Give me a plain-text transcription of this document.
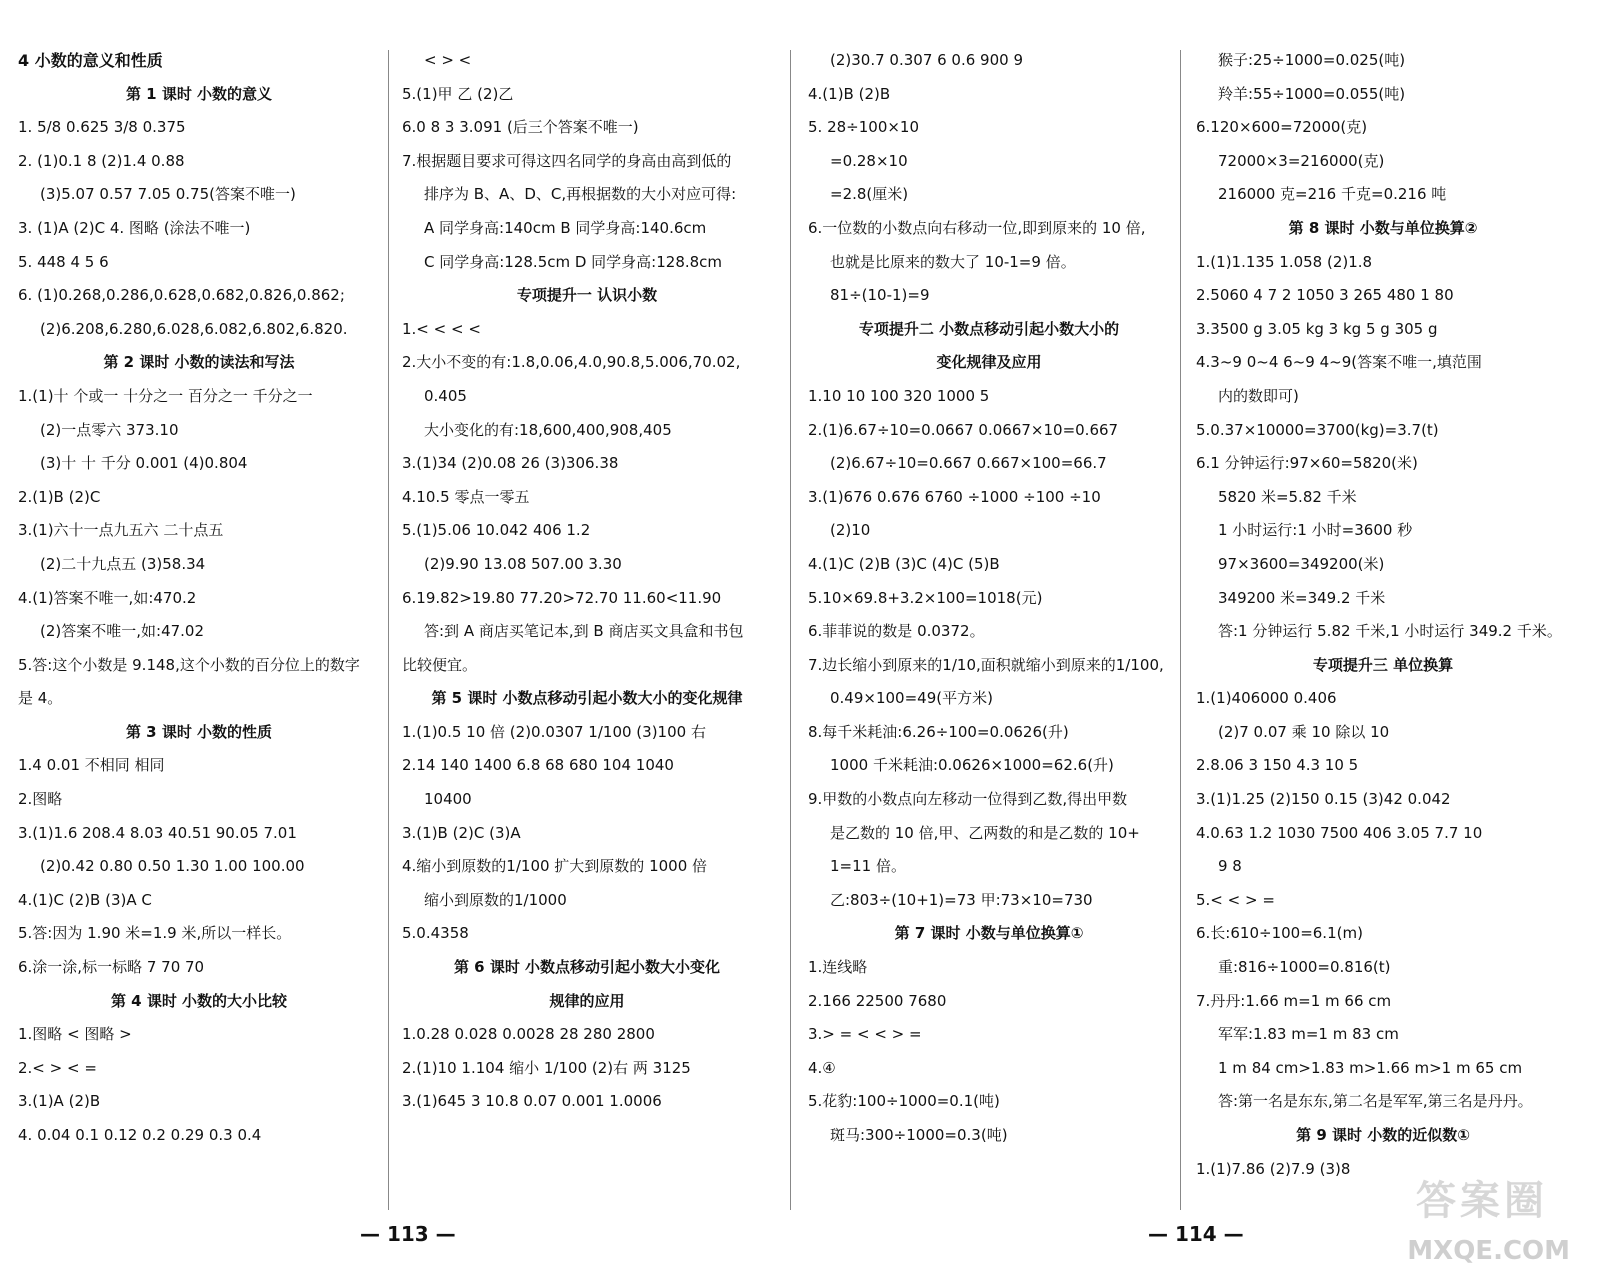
4 小数的意义和性质
第 1 课时 小数的意义
1. 5/8 0.625 3/8 0.375
2. (1)0.1 8 (2)1.4 0.88
(3)5.07 0.57 7.05 0.75(答案不唯一)
3. (1)A (2)C 4. 图略 (涂法不唯一)
5. 448 4 5 6
6. (1)0.268,0.286,0.628,0.682,0.826,0.862;
(2)6.208,6.280,6.028,6.082,6.802,6.820.
第 2 课时 小数的读法和写法
1.(1)十 个或一 十分之一 百分之一 千分之一
(2)一点零六 373.10
(3)十 十 千分 0.001 (4)0.804
2.(1)B (2)C
3.(1)六十一点九五六 二十点五
(2)二十九点五 (3)58.34
4.(1)答案不唯一,如:470.2
(2)答案不唯一,如:47.02
5.答:这个小数是 9.148,这个小数的百分位上的数字
是 4。
第 3 课时 小数的性质
1.4 0.01 不相同 相同
2.图略
3.(1)1.6 208.4 8.03 40.51 90.05 7.01
(2)0.42 0.80 0.50 1.30 1.00 100.00
4.(1)C (2)B (3)A C
5.答:因为 1.90 米=1.9 米,所以一样长。
6.涂一涂,标一标略 7 70 70
第 4 课时 小数的大小比较
1.图略 < 图略 >
2.< > < =
3.(1)A (2)B
4. 0.04 0.1 0.12 0.2 0.29 0.3 0.4
< > <
5.(1)甲 乙 (2)乙
6.0 8 3 3.091 (后三个答案不唯一)
7.根据题目要求可得这四名同学的身高由高到低的
排序为 B、A、D、C,再根据数的大小对应可得:
A 同学身高:140cm B 同学身高:140.6cm
C 同学身高:128.5cm D 同学身高:128.8cm
专项提升一 认识小数
1.< < < <
2.大小不变的有:1.8,0.06,4.0,90.8,5.006,70.02,
0.405
大小变化的有:18,600,400,908,405
3.(1)34 (2)0.08 26 (3)306.38
4.10.5 零点一零五
5.(1)5.06 10.042 406 1.2
(2)9.90 13.08 507.00 3.30
6.19.82>19.80 77.20>72.70 11.60<11.90
答:到 A 商店买笔记本,到 B 商店买文具盒和书包
比较便宜。
第 5 课时 小数点移动引起小数大小的变化规律
1.(1)0.5 10 倍 (2)0.0307 1/100 (3)100 右
2.14 140 1400 6.8 68 680 104 1040
10400
3.(1)B (2)C (3)A
4.缩小到原数的1/100 扩大到原数的 1000 倍
缩小到原数的1/1000
5.0.4358
第 6 课时 小数点移动引起小数大小变化
规律的应用
1.0.28 0.028 0.0028 28 280 2800
2.(1)10 1.104 缩小 1/100 (2)右 两 3125
3.(1)645 3 10.8 0.07 0.001 1.0006
(2)30.7 0.307 6 0.6 900 9
4.(1)B (2)B
5. 28÷100×10
=0.28×10
=2.8(厘米)
6.一位数的小数点向右移动一位,即到原来的 10 倍,
也就是比原来的数大了 10-1=9 倍。
81÷(10-1)=9
专项提升二 小数点移动引起小数大小的
变化规律及应用
1.10 10 100 320 1000 5
2.(1)6.67÷10=0.0667 0.0667×10=0.667
(2)6.67÷10=0.667 0.667×100=66.7
3.(1)676 0.676 6760 ÷1000 ÷100 ÷10
(2)10
4.(1)C (2)B (3)C (4)C (5)B
5.10×69.8+3.2×100=1018(元)
6.菲菲说的数是 0.0372。
7.边长缩小到原来的1/10,面积就缩小到原来的1/100,
0.49×100=49(平方米)
8.每千米耗油:6.26÷100=0.0626(升)
1000 千米耗油:0.0626×1000=62.6(升)
9.甲数的小数点向左移动一位得到乙数,得出甲数
是乙数的 10 倍,甲、乙两数的和是乙数的 10+
1=11 倍。
乙:803÷(10+1)=73 甲:73×10=730
第 7 课时 小数与单位换算①
1.连线略
2.166 22500 7680
3.> = < < > =
4.④
5.花豹:100÷1000=0.1(吨)
斑马:300÷1000=0.3(吨)
猴子:25÷1000=0.025(吨)
羚羊:55÷1000=0.055(吨)
6.120×600=72000(克)
72000×3=216000(克)
216000 克=216 千克=0.216 吨
第 8 课时 小数与单位换算②
1.(1)1.135 1.058 (2)1.8
2.5060 4 7 2 1050 3 265 480 1 80
3.3500 g 3.05 kg 3 kg 5 g 305 g
4.3~9 0~4 6~9 4~9(答案不唯一,填范围
内的数即可)
5.0.37×10000=3700(kg)=3.7(t)
6.1 分钟运行:97×60=5820(米)
5820 米=5.82 千米
1 小时运行:1 小时=3600 秒
97×3600=349200(米)
349200 米=349.2 千米
答:1 分钟运行 5.82 千米,1 小时运行 349.2 千米。
专项提升三 单位换算
1.(1)406000 0.406
(2)7 0.07 乘 10 除以 10
2.8.06 3 150 4.3 10 5
3.(1)1.25 (2)150 0.15 (3)42 0.042
4.0.63 1.2 1030 7500 406 3.05 7.7 10
9 8
5.< < > =
6.长:610÷100=6.1(m)
重:816÷1000=0.816(t)
7.丹丹:1.66 m=1 m 66 cm
军军:1.83 m=1 m 83 cm
1 m 84 cm>1.83 m>1.66 m>1 m 65 cm
答:第一名是东东,第二名是军军,第三名是丹丹。
第 9 课时 小数的近似数①
1.(1)7.86 (2)7.9 (3)8
— 113 —	— 114 —
答案圈
MXQE.COM
